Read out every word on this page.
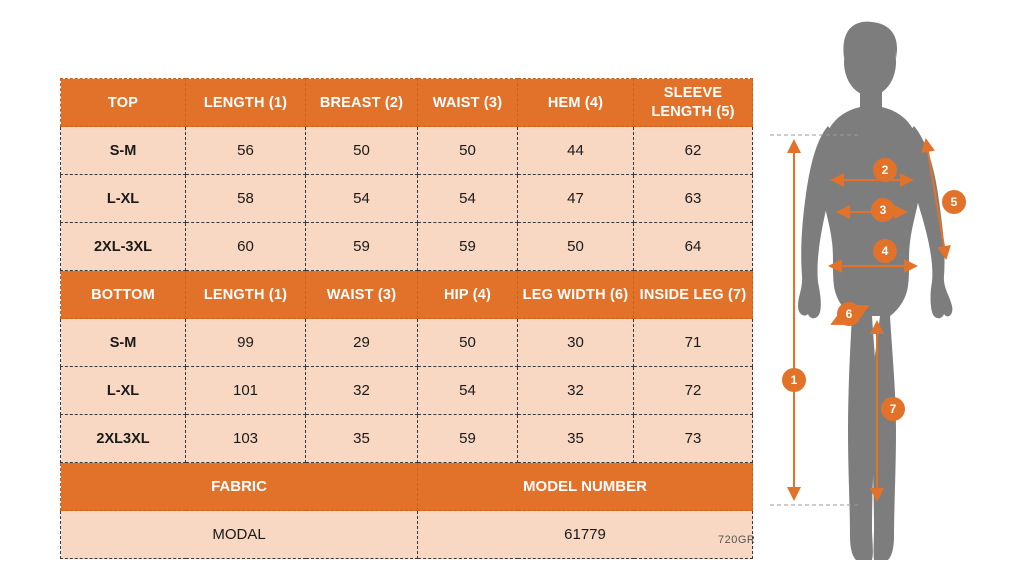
TOP	LENGTH (1)	BREAST (2)	WAIST (3)	HEM (4)	SLEEVE LENGTH (5)
S-M	56	50	50	44	62
L-XL	58	54	54	47	63
2XL-3XL	60	59	59	50	64
BOTTOM	LENGTH (1)	WAIST (3)	HIP (4)	LEG WIDTH (6)	INSIDE LEG (7)
S-M	99	29	50	30	71
L-XL	101	32	54	32	72
2XL3XL	103	35	59	35	73
FABRIC			MODEL NUMBER		
MODAL			61779			720GR
1
2
3
4
5
6
7
